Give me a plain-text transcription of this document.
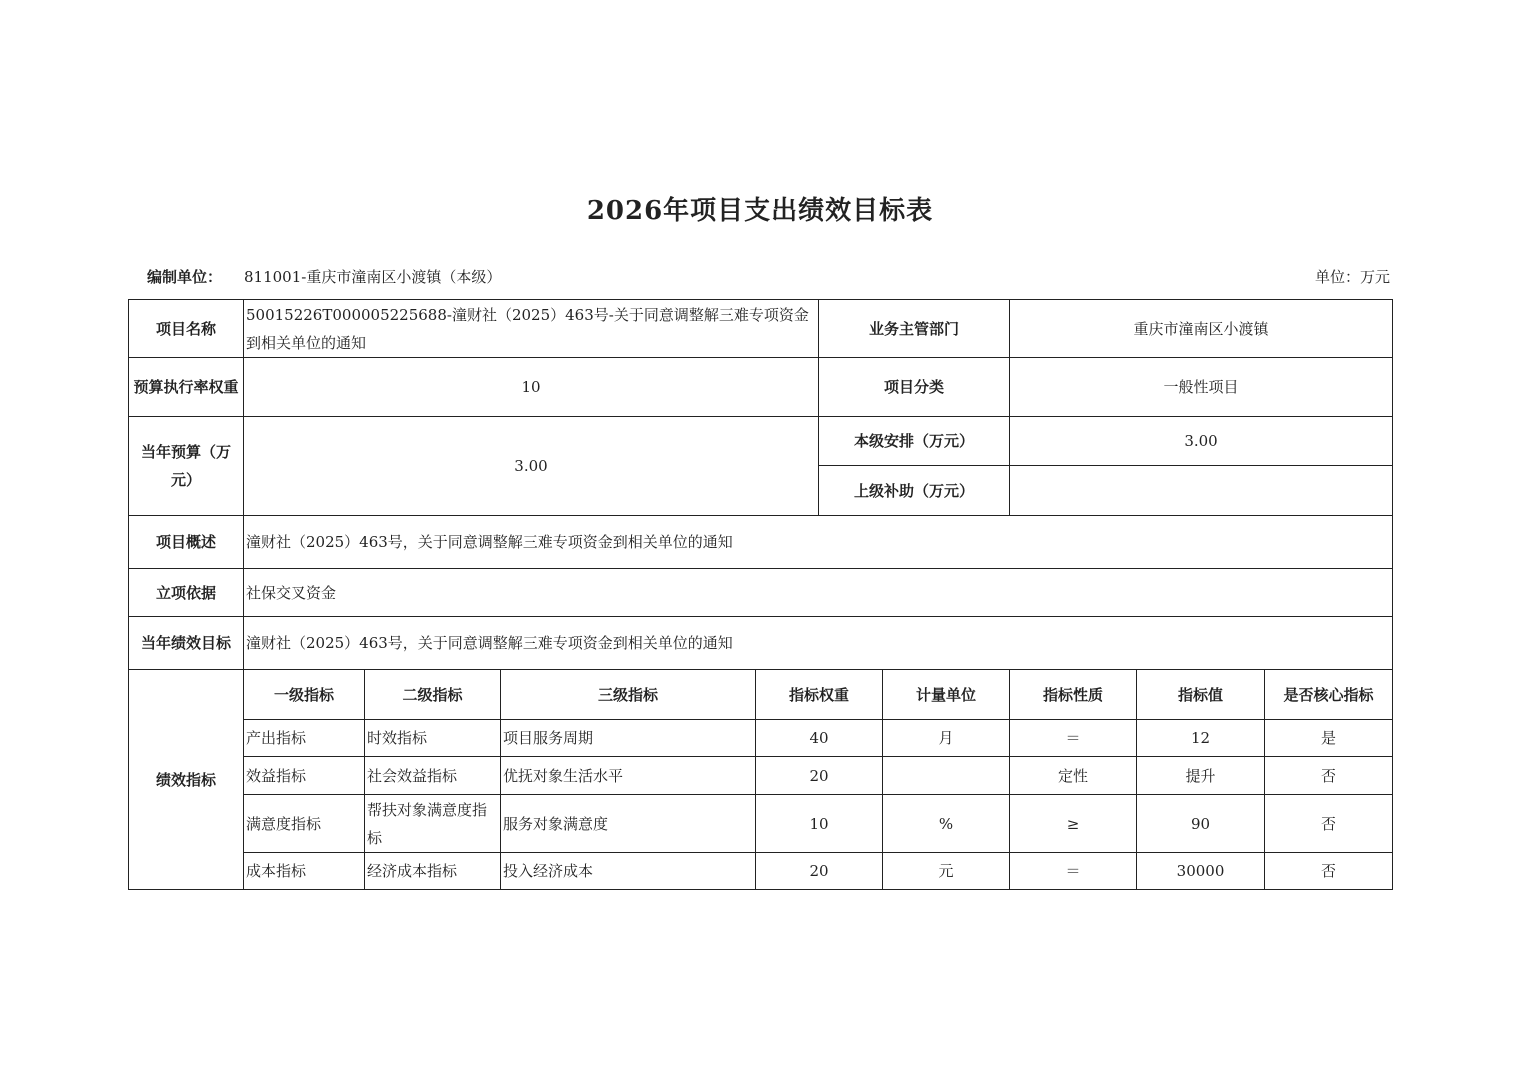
2026年项目支出绩效目标表
编制单位： 811001-重庆市潼南区小渡镇（本级）	单位：万元
项目名称	50015226T000005225688-潼财社（2025）463号-关于同意调整解三难专项资金到相关单位的通知				业务主管部门		重庆市潼南区小渡镇		
预算执行率权重	10				项目分类		一般性项目		
当年预算（万元）	3.00				本级安排（万元）		3.00		
					上级补助（万元）				
项目概述	潼财社（2025）463号，关于同意调整解三难专项资金到相关单位的通知								
立项依据	社保交叉资金								
当年绩效目标	潼财社（2025）463号，关于同意调整解三难专项资金到相关单位的通知								
绩效指标	一级指标	二级指标	三级指标	指标权重		计量单位	指标性质	指标值	是否核心指标
	产出指标	时效指标	项目服务周期	40		月	＝	12	是
	效益指标	社会效益指标	优抚对象生活水平	20			定性	提升	否
	满意度指标	帮扶对象满意度指标	服务对象满意度	10		%	≥	90	否
	成本指标	经济成本指标	投入经济成本	20		元	＝	30000	否
